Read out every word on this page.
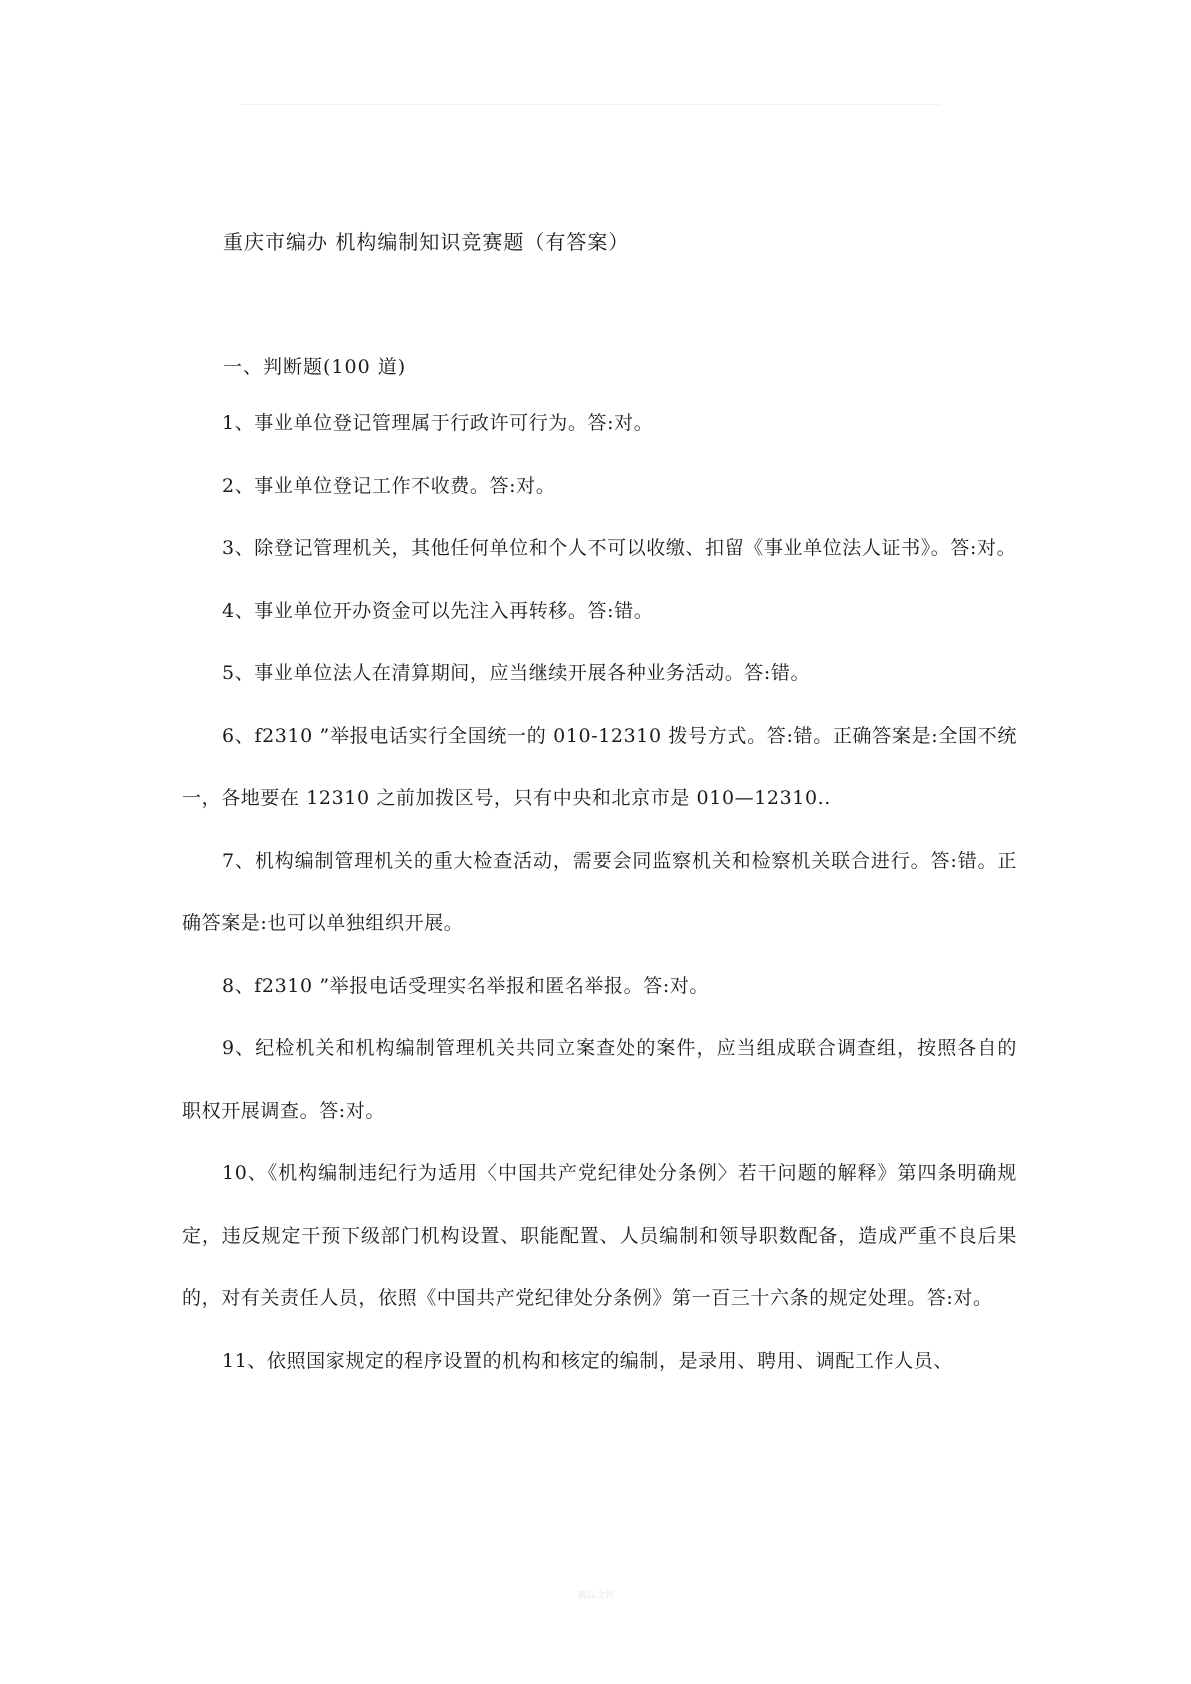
重庆市编办 机构编制知识竞赛题（有答案）
一、判断题(100 道)

1、事业单位登记管理属于行政许可行为。答:对。

2、事业单位登记工作不收费。答:对。

3、除登记管理机关，其他任何单位和个人不可以收缴、扣留《事业单位法人证书》。答:对。

4、事业单位开办资金可以先注入再转移。答:错。

5、事业单位法人在清算期间，应当继续开展各种业务活动。答:错。

6、f2310 ”举报电话实行全国统一的 010-12310 拨号方式。答:错。正确答案是:全国不统一，各地要在 12310 之前加拨区号，只有中央和北京市是 010—12310..

7、机构编制管理机关的重大检查活动，需要会同监察机关和检察机关联合进行。答:错。正确答案是:也可以单独组织开展。

8、f2310 ”举报电话受理实名举报和匿名举报。答:对。

9、纪检机关和机构编制管理机关共同立案查处的案件，应当组成联合调查组，按照各自的职权开展调查。答:对。

10、《机构编制违纪行为适用〈中国共产党纪律处分条例〉若干问题的解释》第四条明确规定，违反规定干预下级部门机构设置、职能配置、人员编制和领导职数配备，造成严重不良后果的，对有关责任人员，依照《中国共产党纪律处分条例》第一百三十六条的规定处理。答:对。

11、依照国家规定的程序设置的机构和核定的编制，是录用、聘用、调配工作人员、

精品文档
